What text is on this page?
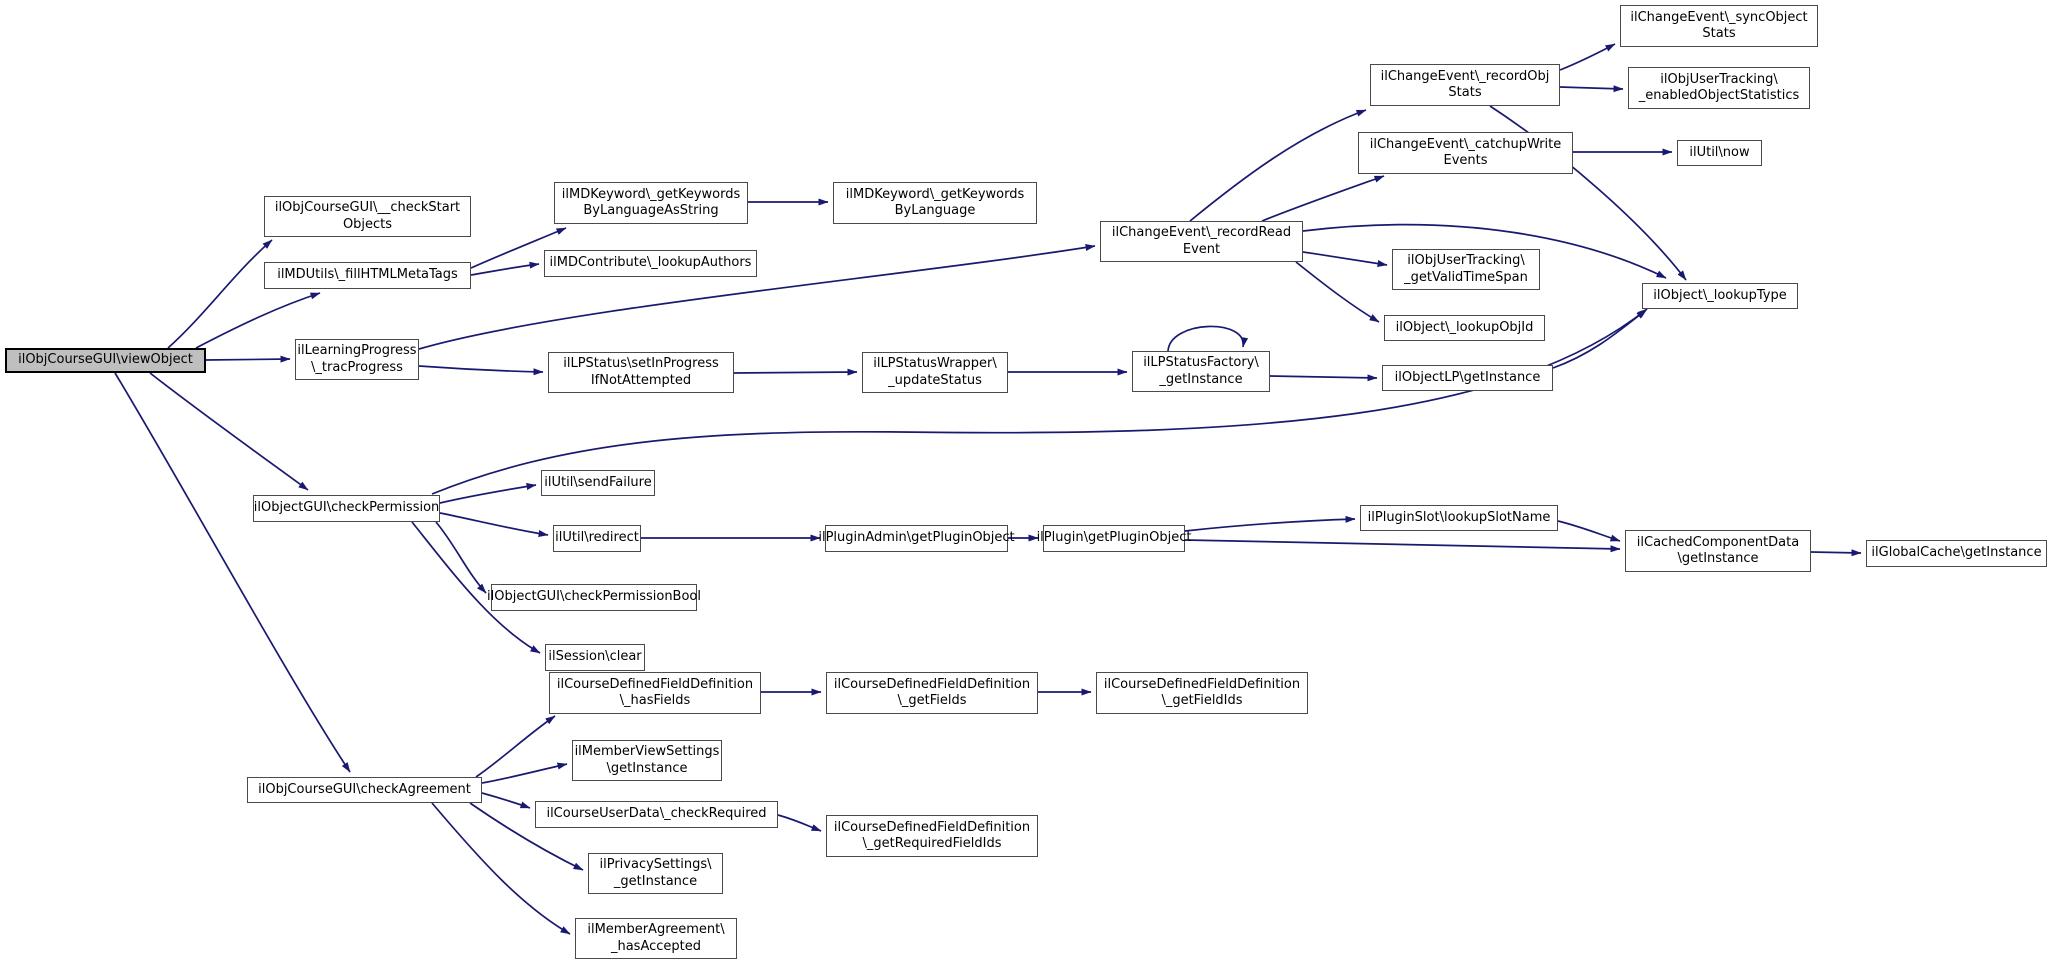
ilObjCourseGUI\viewObject
ilObjCourseGUI\__checkStart
Objects
ilMDUtils\_fillHTMLMetaTags
ilLearningProgress
\_tracProgress
ilMDKeyword\_getKeywords
ByLanguageAsString
ilMDContribute\_lookupAuthors
ilMDKeyword\_getKeywords
ByLanguage
ilLPStatus\setInProgress
IfNotAttempted
ilLPStatusWrapper\
_updateStatus
ilLPStatusFactory\
_getInstance	ilObjectLP\getInstance
ilChangeEvent\_recordRead
Event
ilChangeEvent\_recordObj
Stats
ilChangeEvent\_catchupWrite
Events
ilChangeEvent\_syncObject
Stats
ilObjUserTracking\
_enabledObjectStatistics
ilUtil\now
ilObjUserTracking\
_getValidTimeSpan
ilObject\_lookupObjId
ilObject\_lookupType
ilObjectGUI\checkPermission
ilUtil\sendFailure
ilUtil\redirect
ilObjectGUI\checkPermissionBool
ilSession\clear
ilPluginAdmin\getPluginObject ilPlugin\getPluginObject
ilPluginSlot\lookupSlotName
ilCachedComponentData
\getInstance	ilGlobalCache\getInstance
ilObjCourseGUI\checkAgreement
ilCourseDefinedFieldDefinition
\_hasFields
ilMemberViewSettings
\getInstance
ilCourseUserData\_checkRequired
ilPrivacySettings\
_getInstance
ilMemberAgreement\
_hasAccepted
ilCourseDefinedFieldDefinition
\_getFields
ilCourseDefinedFieldDefinition
\_getFieldIds
ilCourseDefinedFieldDefinition
\_getRequiredFieldIds
